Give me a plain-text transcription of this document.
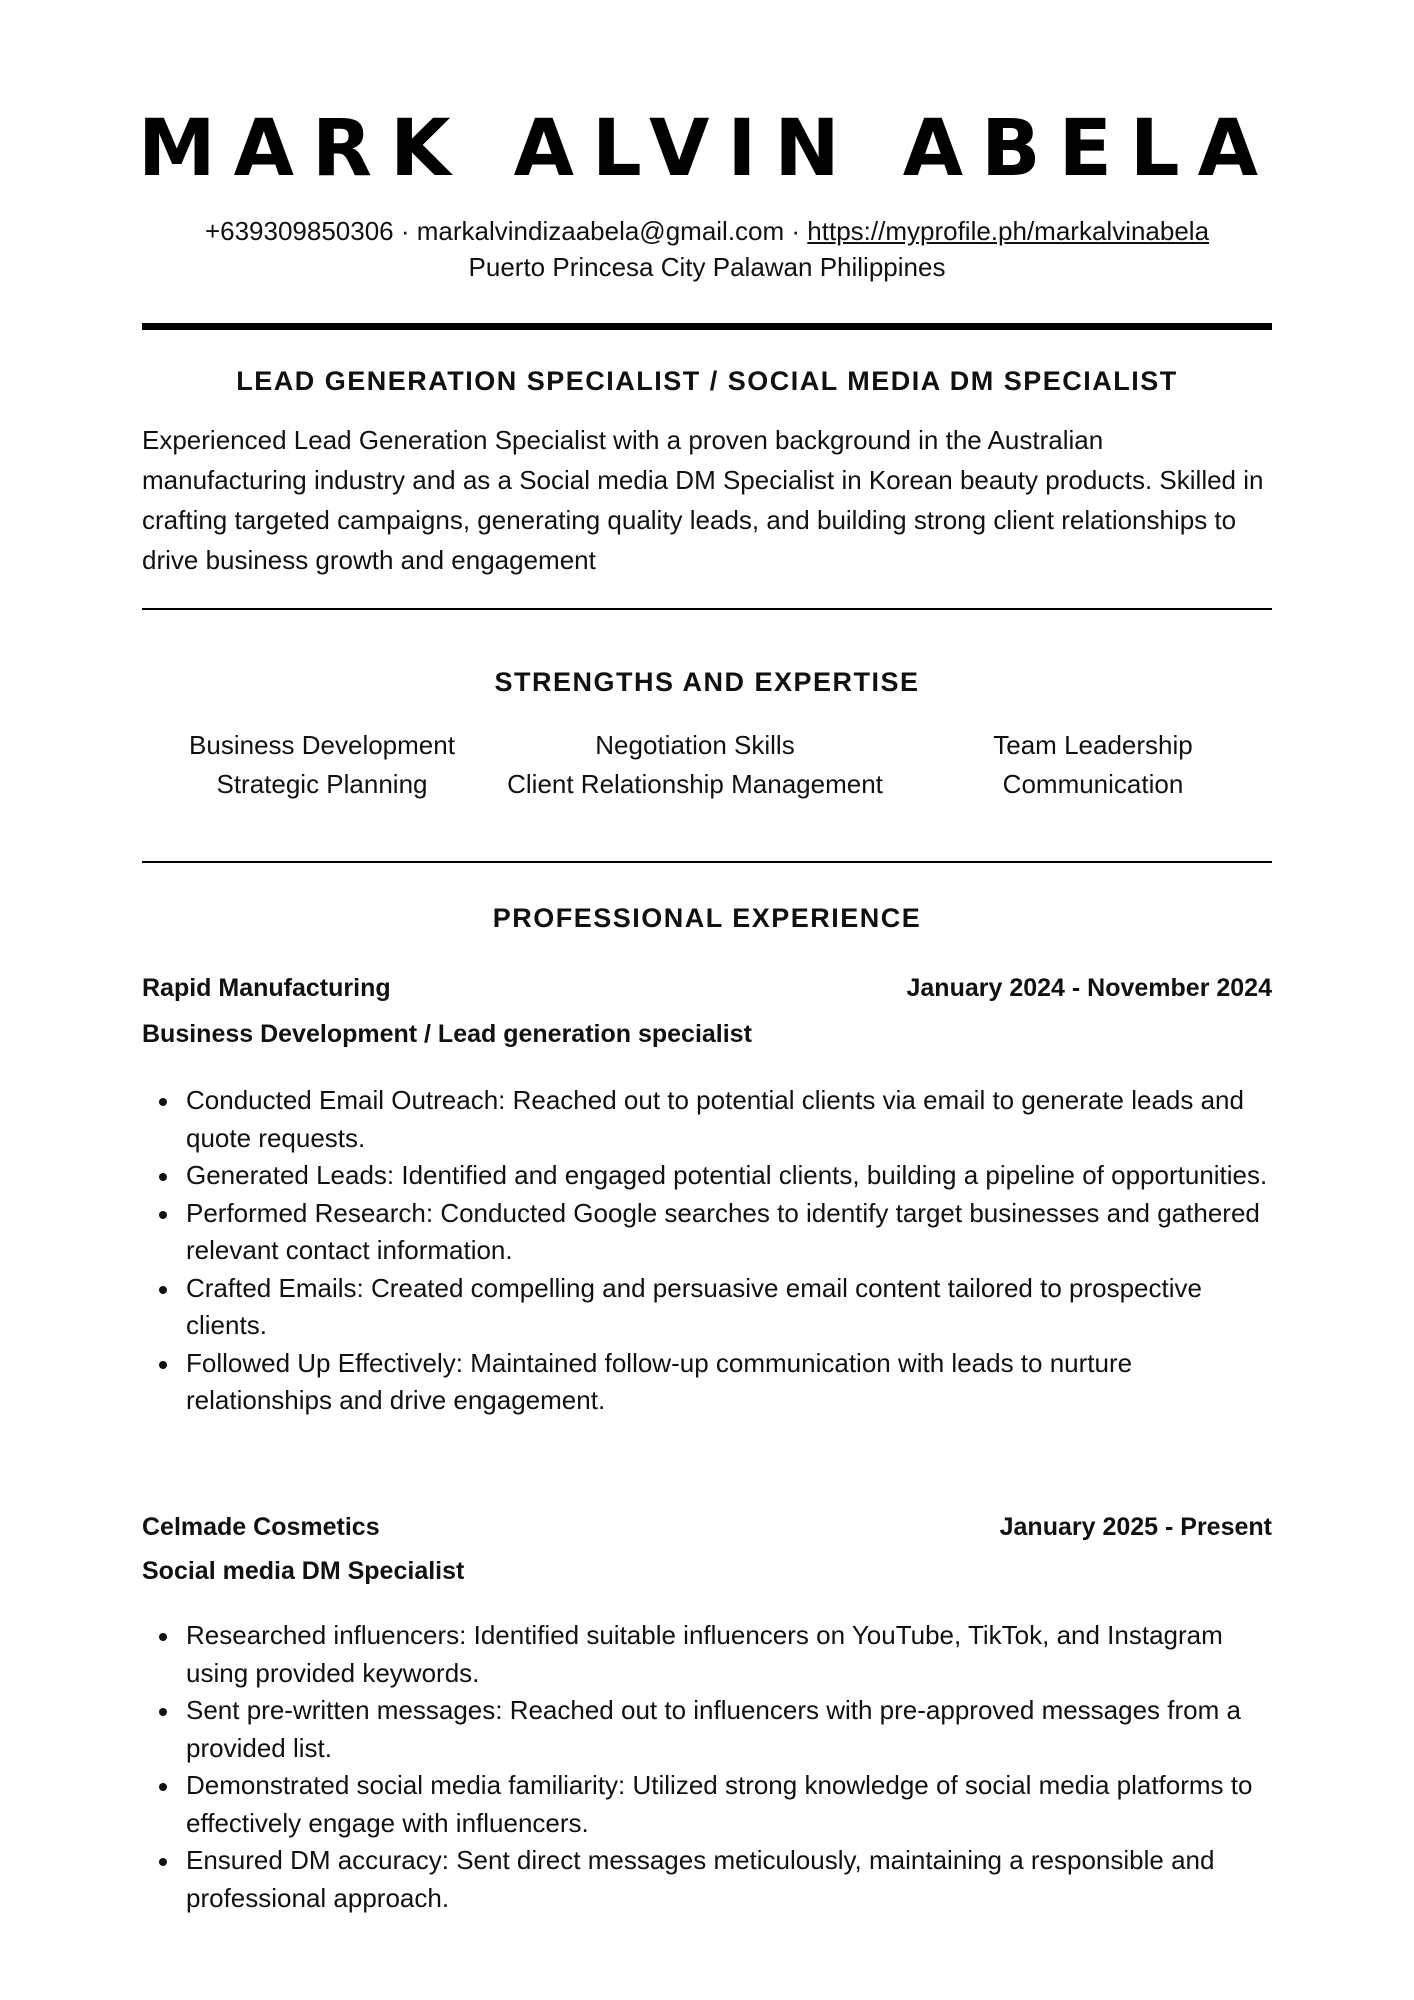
MARK ALVIN ABELA
+639309850306 · markalvindizaabela@gmail.com · https://myprofile.ph/markalvinabela
Puerto Princesa City Palawan Philippines
LEAD GENERATION SPECIALIST / SOCIAL MEDIA DM SPECIALIST

Experienced Lead Generation Specialist with a proven background in the Australian manufacturing industry and as a Social media DM Specialist in Korean beauty products. Skilled in crafting targeted campaigns, generating quality leads, and building strong client relationships to drive business growth and engagement

STRENGTHS AND EXPERTISE
Business Development	Negotiation Skills	Team Leadership
Strategic Planning	Client Relationship Management	Communication
PROFESSIONAL EXPERIENCE
Rapid Manufacturing	January 2024 - November 2024
Business Development / Lead generation specialist
Conducted Email Outreach: Reached out to potential clients via email to generate leads and quote requests.
Generated Leads: Identified and engaged potential clients, building a pipeline of opportunities.
Performed Research: Conducted Google searches to identify target businesses and gathered relevant contact information.
Crafted Emails: Created compelling and persuasive email content tailored to prospective clients.
Followed Up Effectively: Maintained follow-up communication with leads to nurture relationships and drive engagement.
Celmade Cosmetics	January 2025 - Present
Social media DM Specialist
Researched influencers: Identified suitable influencers on YouTube, TikTok, and Instagram using provided keywords.
Sent pre-written messages: Reached out to influencers with pre-approved messages from a provided list.
Demonstrated social media familiarity: Utilized strong knowledge of social media platforms to effectively engage with influencers.
Ensured DM accuracy: Sent direct messages meticulously, maintaining a responsible and professional approach.
